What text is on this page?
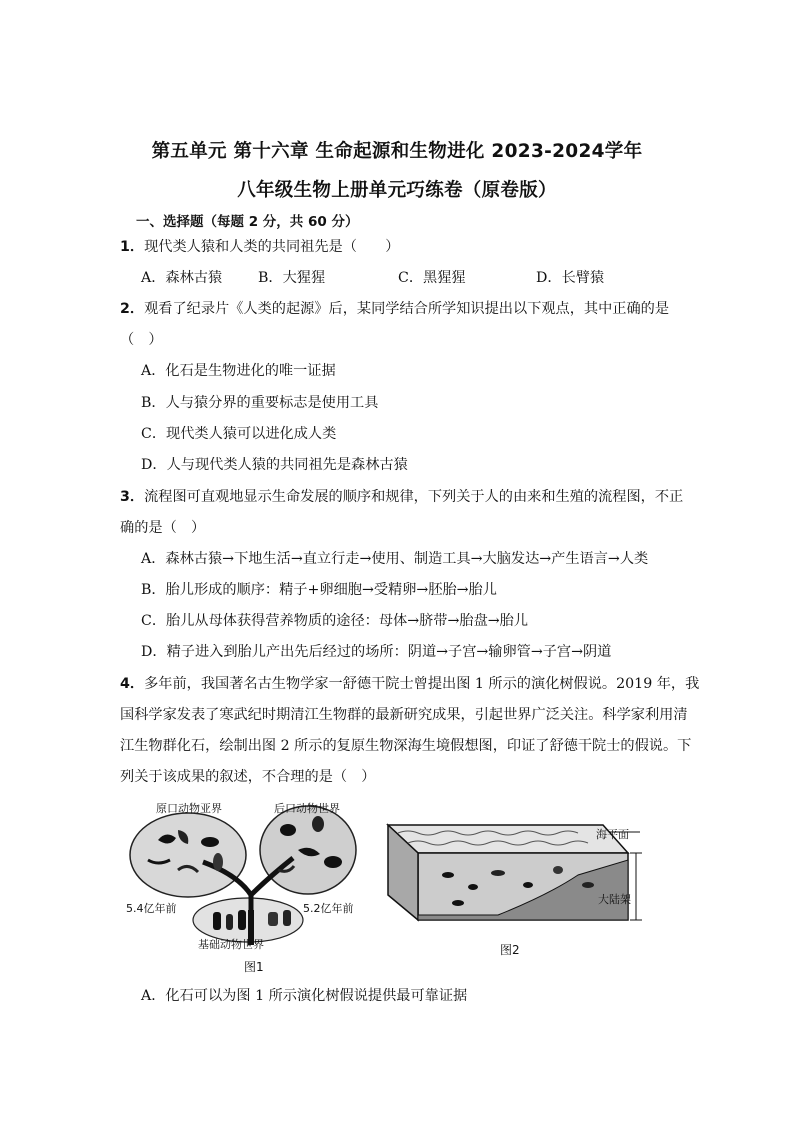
第五单元 第十六章 生命起源和生物进化 2023-2024学年
八年级生物上册单元巧练卷（原卷版）
一、选择题（每题 2 分，共 60 分）
1．现代类人猿和人类的共同祖先是（　　）
A．森林古猿	B．大猩猩	C．黑猩猩	D．长臂猿
2．观看了纪录片《人类的起源》后，某同学结合所学知识提出以下观点，其中正确的是
（　）
A．化石是生物进化的唯一证据
B．人与猿分界的重要标志是使用工具
C．现代类人猿可以进化成人类
D．人与现代类人猿的共同祖先是森林古猿
3．流程图可直观地显示生命发展的顺序和规律，下列关于人的由来和生殖的流程图，不正
确的是（　）
A．森林古猿→下地生活→直立行走→使用、制造工具→大脑发达→产生语言→人类
B．胎儿形成的顺序：精子+卵细胞→受精卵→胚胎→胎儿
C．胎儿从母体获得营养物质的途径：母体→脐带→胎盘→胎儿
D．精子进入到胎儿产出先后经过的场所：阴道→子宫→输卵管→子宫→阴道
4．多年前，我国著名古生物学家一舒德干院士曾提出图 1 所示的演化树假说。2019 年，我
国科学家发表了寒武纪时期清江生物群的最新研究成果，引起世界广泛关注。科学家利用清
江生物群化石，绘制出图 2 所示的复原生物深海生境假想图，印证了舒德干院士的假说。下
列关于该成果的叙述，不合理的是（　）
原口动物亚界	后口动物世界
5.4亿年前	5.2亿年前
基础动物世界
图1
海平面
大陆架
图2
A．化石可以为图 1 所示演化树假说提供最可靠证据
